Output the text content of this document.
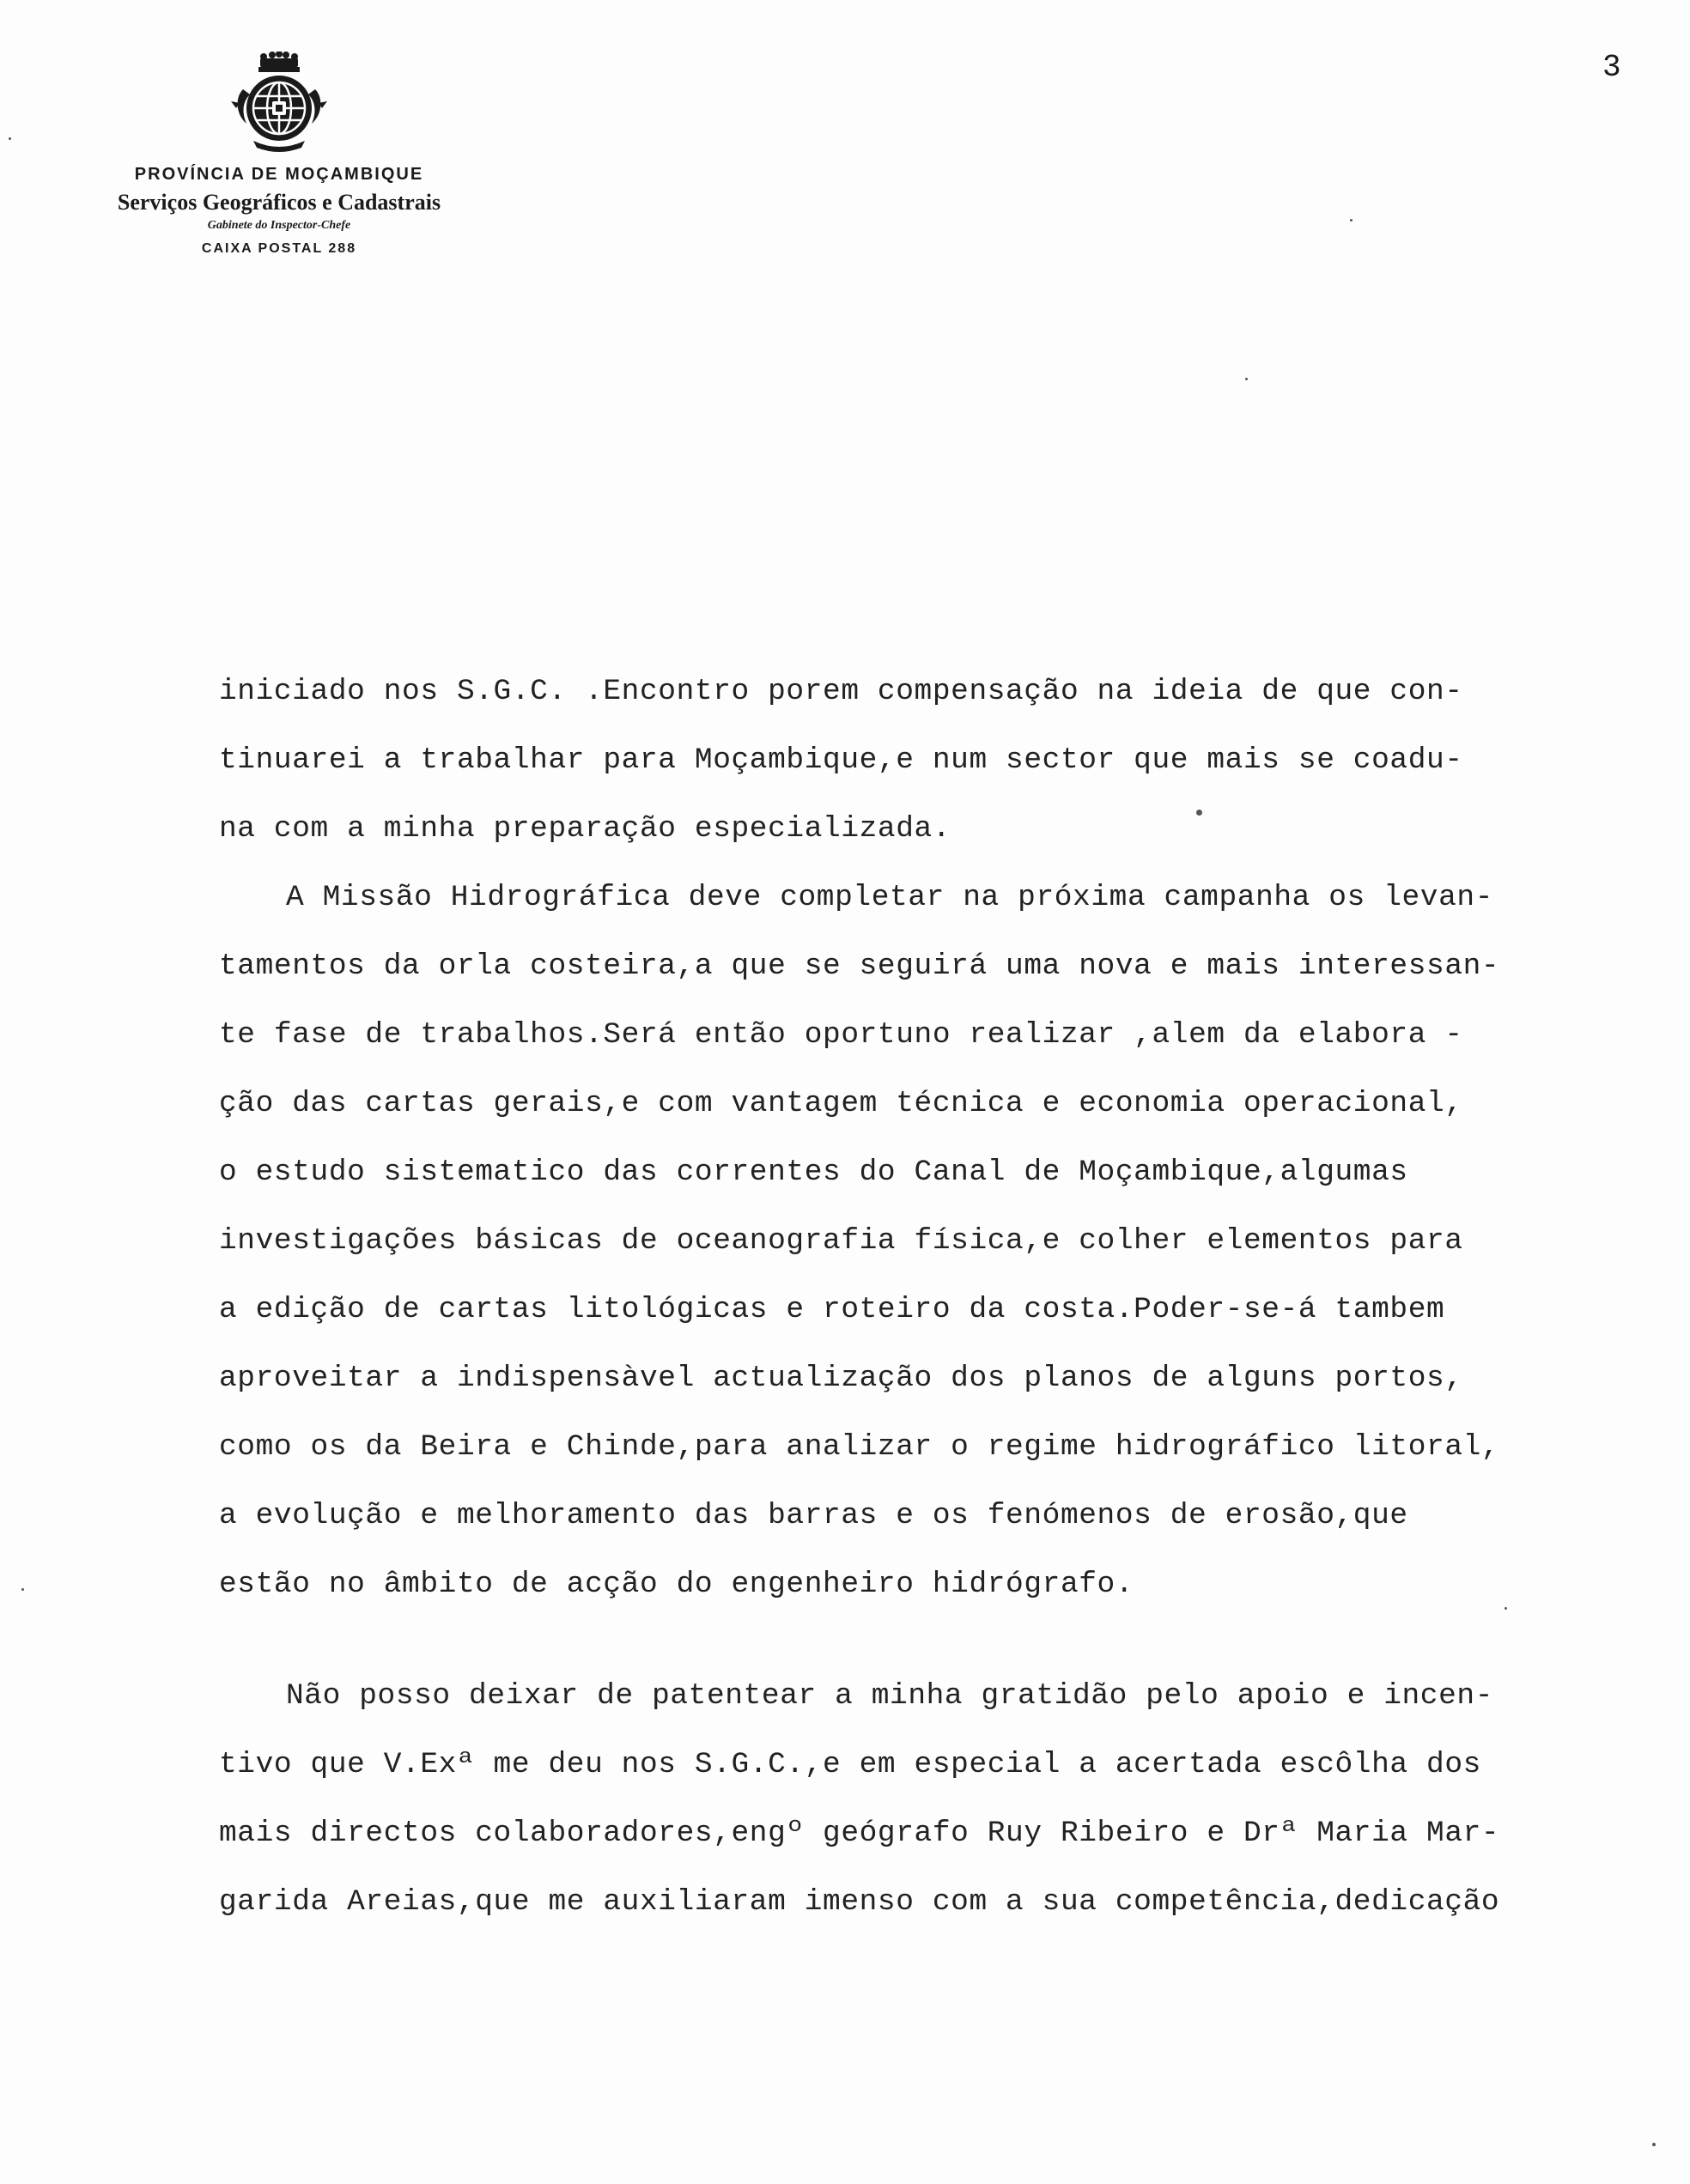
PROVÍNCIA DE MOÇAMBIQUE
Serviços Geográficos e Cadastrais
Gabinete do Inspector-Chefe
CAIXA POSTAL 288
3
iniciado nos S.G.C. .Encontro porem compensação na ideia de que con-
tinuarei a trabalhar para Moçambique,e num sector que mais se coadu-
na com a minha preparação especializada.
A Missão Hidrográfica deve completar na próxima campanha os levan-
tamentos da orla costeira,a que se seguirá uma nova e mais interessan-
te fase de trabalhos.Será então oportuno realizar ,alem da elabora -
ção das cartas gerais,e com vantagem técnica e economia operacional,
o estudo sistematico das correntes do Canal de Moçambique,algumas
investigações básicas de oceanografia física,e colher elementos para
a edição de cartas litológicas e roteiro da costa.Poder-se-á tambem
aproveitar a indispensàvel actualização dos planos de alguns portos,
como os da Beira e Chinde,para analizar o regime hidrográfico litoral,
a evolução e melhoramento das barras e os fenómenos de erosão,que
estão no âmbito de acção do engenheiro hidrógrafo.
Não posso deixar de patentear a minha gratidão pelo apoio e incen-
tivo que V.Exª me deu nos S.G.C.,e em especial a acertada escôlha dos
mais directos colaboradores,engº geógrafo Ruy Ribeiro e Drª Maria Mar-
garida Areias,que me auxiliaram imenso com a sua competência,dedicação
